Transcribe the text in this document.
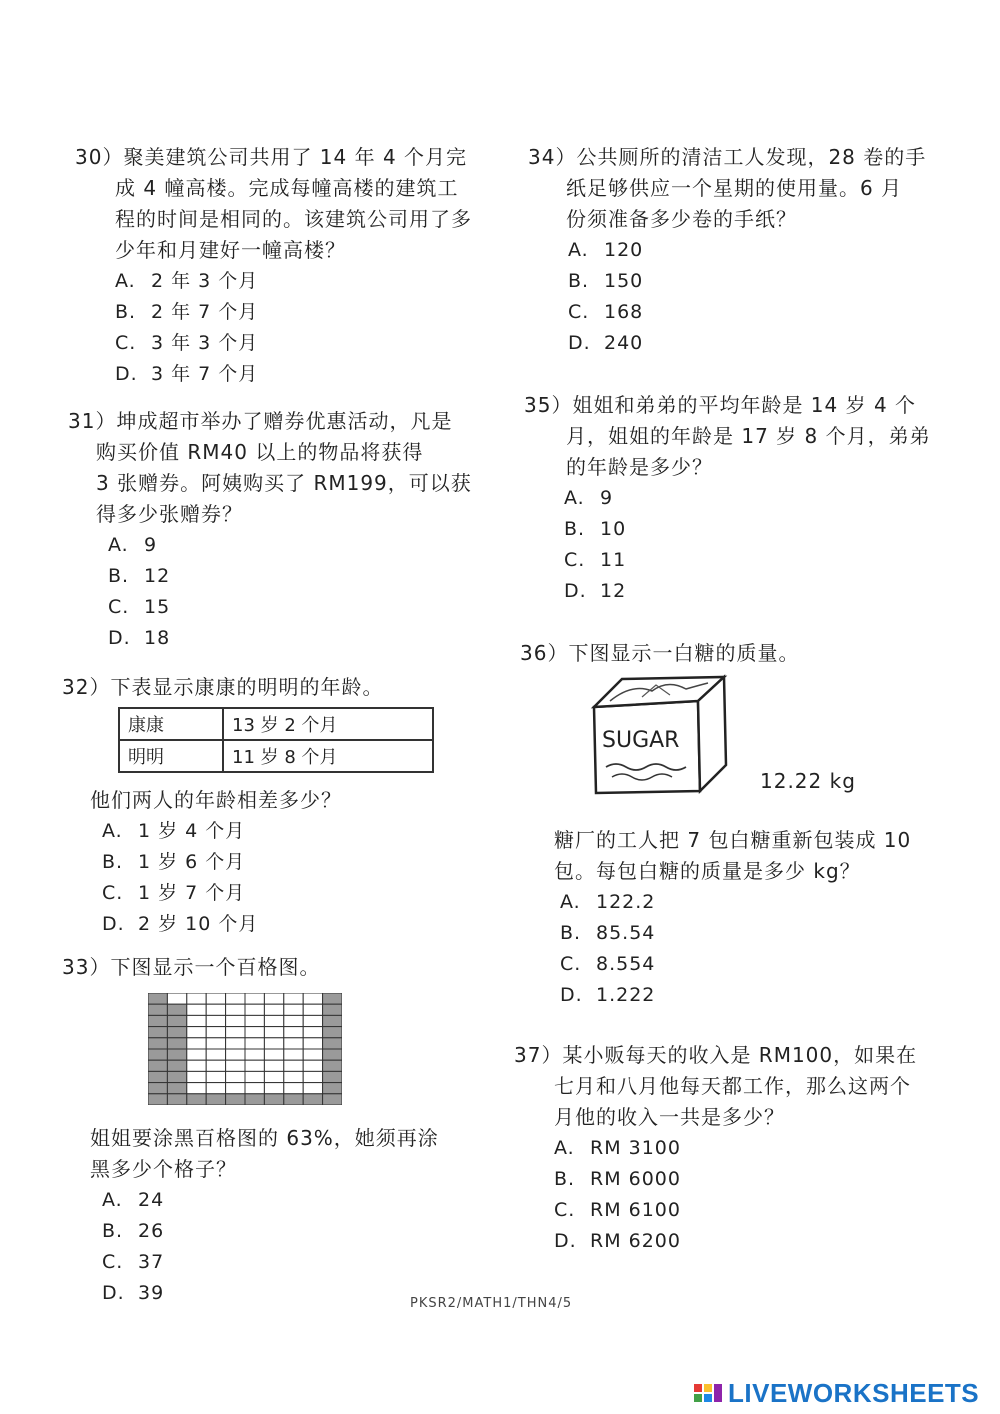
30）聚美建筑公司共用了 14 年 4 个月完
成 4 幢高楼。完成每幢高楼的建筑工
程的时间是相同的。该建筑公司用了多
少年和月建好一幢高楼？
A. 2 年 3 个月
B. 2 年 7 个月
C. 3 年 3 个月
D. 3 年 7 个月
31）坤成超市举办了赠券优惠活动，凡是
购买价值 RM40 以上的物品将获得
3 张赠券。阿姨购买了 RM199，可以获
得多少张赠券？
A. 9
B. 12
C. 15
D. 18
32）下表显示康康的明明的年龄。
康康	13 岁 2 个月
明明	11 岁 8 个月
他们两人的年龄相差多少？
A. 1 岁 4 个月
B. 1 岁 6 个月
C. 1 岁 7 个月
D. 2 岁 10 个月
33）下图显示一个百格图。
姐姐要涂黑百格图的 63%，她须再涂
黑多少个格子？
A. 24
B. 26
C. 37
D. 39
34）公共厕所的清洁工人发现，28 卷的手
纸足够供应一个星期的使用量。6 月
份须准备多少卷的手纸？
A. 120
B. 150
C. 168
D. 240
35）姐姐和弟弟的平均年龄是 14 岁 4 个
月，姐姐的年龄是 17 岁 8 个月，弟弟
的年龄是多少？
A. 9
B. 10
C. 11
D. 12
36）下图显示一白糖的质量。
SUGAR
12.22 kg
糖厂的工人把 7 包白糖重新包装成 10
包。每包白糖的质量是多少 kg？
A. 122.2
B. 85.54
C. 8.554
D. 1.222
37）某小贩每天的收入是 RM100，如果在
七月和八月他每天都工作，那么这两个
月他的收入一共是多少？
A. RM 3100
B. RM 6000
C. RM 6100
D. RM 6200
PKSR2/MATH1/THN4/5
LIVEWORKSHEETS
